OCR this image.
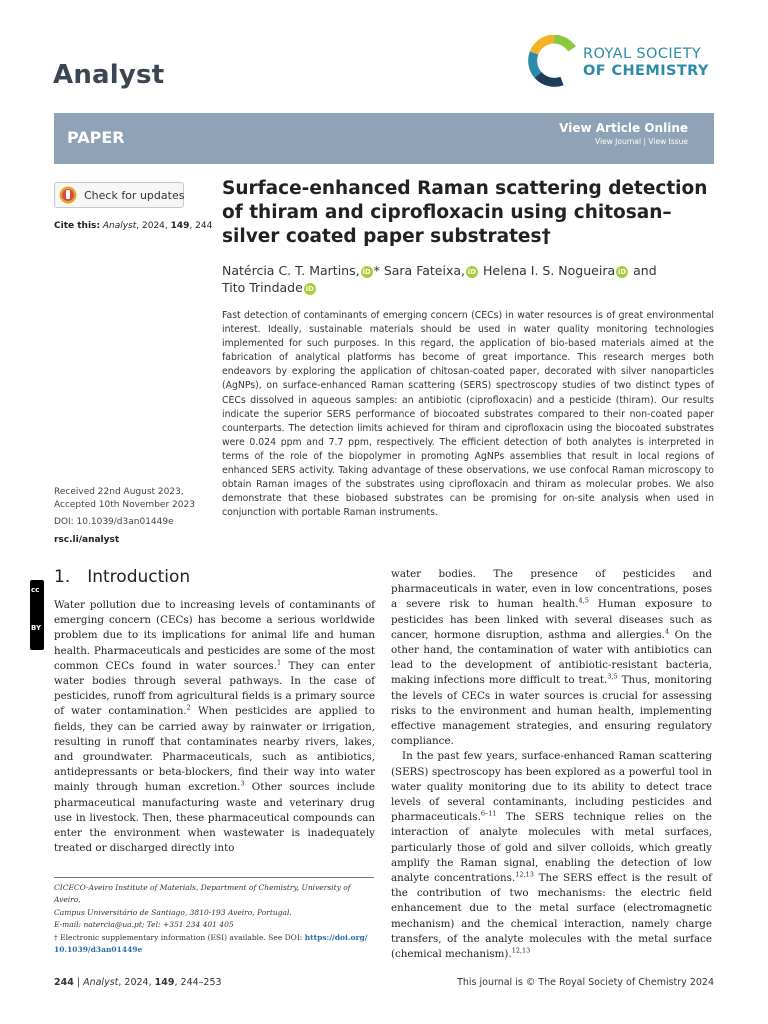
Analyst
ROYAL SOCIETY
OF CHEMISTRY
PAPER	View Article Online
View Journal | View Issue
Check for updates
Cite this: Analyst, 2024, 149, 244
Surface-enhanced Raman scattering detection of thiram and ciprofloxacin using chitosan–silver coated paper substrates†
Natércia C. T. Martins, iD * Sara Fateixa, iD Helena I. S. Nogueira iD and
Tito Trindade iD
Fast detection of contaminants of emerging concern (CECs) in water resources is of great environmental interest. Ideally, sustainable materials should be used in water quality monitoring technologies implemented for such purposes. In this regard, the application of bio-based materials aimed at the fabrication of analytical platforms has become of great importance. This research merges both endeavors by exploring the application of chitosan-coated paper, decorated with silver nanoparticles (AgNPs), on surface-enhanced Raman scattering (SERS) spectroscopy studies of two distinct types of CECs dissolved in aqueous samples: an antibiotic (ciprofloxacin) and a pesticide (thiram). Our results indicate the superior SERS performance of biocoated substrates compared to their non-coated paper counterparts. The detection limits achieved for thiram and ciprofloxacin using the biocoated substrates were 0.024 ppm and 7.7 ppm, respectively. The efficient detection of both analytes is interpreted in terms of the role of the biopolymer in promoting AgNPs assemblies that result in local regions of enhanced SERS activity. Taking advantage of these observations, we use confocal Raman microscopy to obtain Raman images of the substrates using ciprofloxacin and thiram as molecular probes. We also demonstrate that these biobased substrates can be promising for on-site analysis when used in conjunction with portable Raman instruments.
Received 22nd August 2023,
Accepted 10th November 2023
DOI: 10.1039/d3an01449e
rsc.li/analyst
cc
BY
1. Introduction

Water pollution due to increasing levels of contaminants of emerging concern (CECs) has become a serious worldwide problem due to its implications for animal life and human health. Pharmaceuticals and pesticides are some of the most common CECs found in water sources.$^1$ They can enter water bodies through several pathways. In the case of pesticides, runoff from agricultural fields is a primary source of water contamination.$^2$ When pesticides are applied to fields, they can be carried away by rainwater or irrigation, resulting in runoff that contaminates nearby rivers, lakes, and groundwater. Pharmaceuticals, such as antibiotics, antidepressants or beta-blockers, find their way into water mainly through human excretion.$^3$ Other sources include pharmaceutical manufacturing waste and veterinary drug use in livestock. Then, these pharmaceutical compounds can enter the environment when wastewater is inadequately treated or discharged directly into

water bodies. The presence of pesticides and pharmaceuticals in water, even in low concentrations, poses a severe risk to human health.$^{4,5}$ Human exposure to pesticides has been linked with several diseases such as cancer, hormone disruption, asthma and allergies.$^4$ On the other hand, the contamination of water with antibiotics can lead to the development of antibiotic-resistant bacteria, making infections more difficult to treat.$^{3,5}$ Thus, monitoring the levels of CECs in water sources is crucial for assessing risks to the environment and human health, implementing effective management strategies, and ensuring regulatory compliance.

In the past few years, surface-enhanced Raman scattering (SERS) spectroscopy has been explored as a powerful tool in water quality monitoring due to its ability to detect trace levels of several contaminants, including pesticides and pharmaceuticals.$^{6-11}$ The SERS technique relies on the interaction of analyte molecules with metal surfaces, particularly those of gold and silver colloids, which greatly amplify the Raman signal, enabling the detection of low analyte concentrations.$^{12,13}$ The SERS effect is the result of the contribution of two mechanisms: the electric field enhancement due to the metal surface (electromagnetic mechanism) and the chemical interaction, namely charge transfers, of the analyte molecules with the metal surface (chemical mechanism).$^{12,13}$

CICECO-Aveiro Institute of Materials, Department of Chemistry, University of Aveiro,
Campus Universitário de Santiago, 3810-193 Aveiro, Portugal.
E-mail: natercia@ua.pt; Tel: +351 234 401 405
† Electronic supplementary information (ESI) available. See DOI: https://doi.org/
10.1039/d3an01449e
244 | Analyst, 2024, 149, 244–253	This journal is © The Royal Society of Chemistry 2024
